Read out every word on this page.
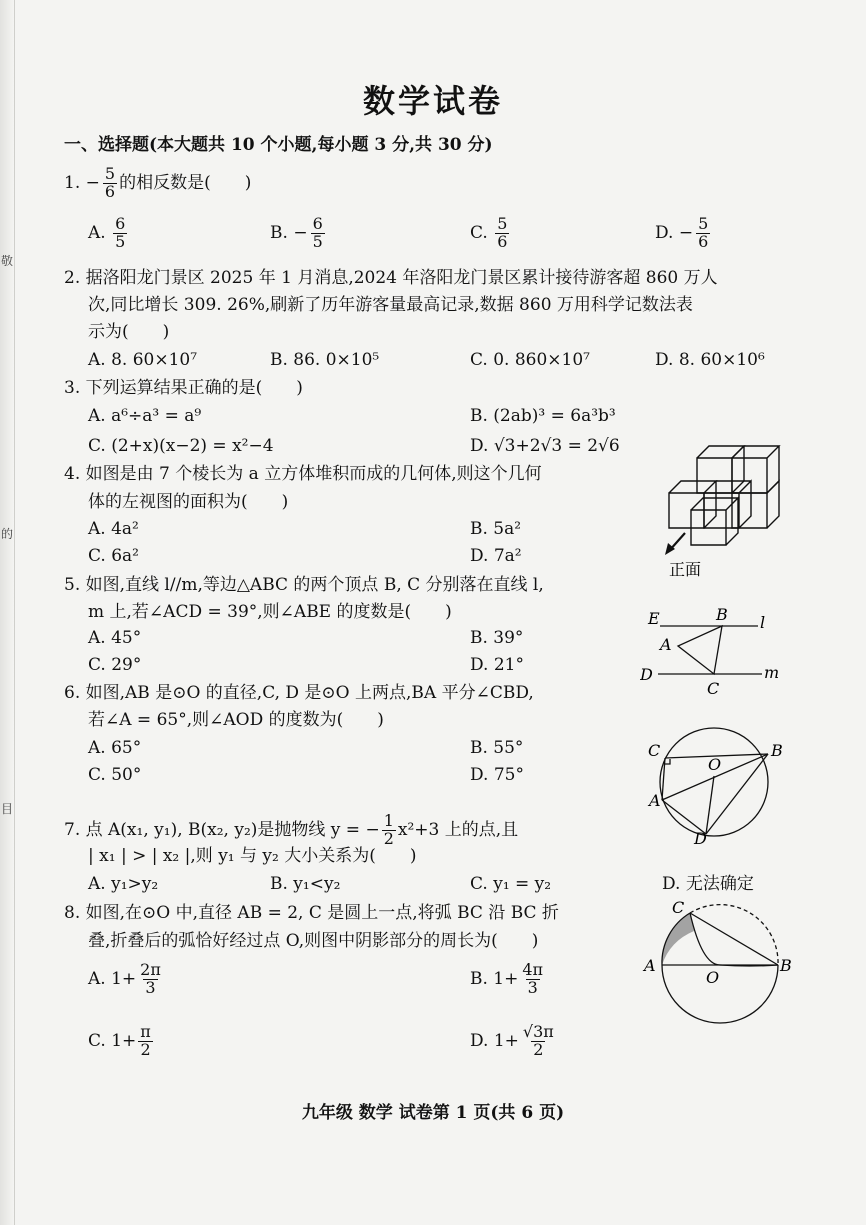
敬
的
目
数学试卷
一、选择题(本大题共 10 个小题,每小题 3 分,共 30 分)
1. − $\frac{5}{6}$ 的相反数是(　　)
A. $\frac{6}{5}$	B. − $\frac{6}{5}$	C. $\frac{5}{6}$	D. − $\frac{5}{6}$
2. 据洛阳龙门景区 2025 年 1 月消息,2024 年洛阳龙门景区累计接待游客超 860 万人
次,同比增长 309. 26%,刷新了历年游客量最高记录,数据 860 万用科学记数法表
示为(　　)
A. 8. 60×10⁷	B. 86. 0×10⁵	C. 0. 860×10⁷	D. 8. 60×10⁶
3. 下列运算结果正确的是(　　)
A. a⁶÷a³ = a⁹	B. (2ab)³ = 6a³b³
C. (2+x)(x−2) = x²−4	D. √3+2√3 = 2√6
4. 如图是由 7 个棱长为 a 立方体堆积而成的几何体,则这个几何
体的左视图的面积为(　　)
A. 4a²	B. 5a²
C. 6a²	D. 7a²
正面
5. 如图,直线 l//m,等边△ABC 的两个顶点 B, C 分别落在直线 l,
m 上,若∠ACD = 39°,则∠ABE 的度数是(　　)
A. 45°	B. 39°
C. 29°	D. 21°
E	B l
A
D
C
m
6. 如图,AB 是⊙O 的直径,C, D 是⊙O 上两点,BA 平分∠CBD,
若∠A = 65°,则∠AOD 的度数为(　　)
A. 65°	B. 55°
C. 50°	D. 75°
C	B
O
A
D
7. 点 A(x₁, y₁), B(x₂, y₂)是抛物线 y = − $\frac{1}{2} x^2+3$ 上的点,且
| x₁ | > | x₂ |,则 y₁ 与 y₂ 大小关系为(　　)
A. y₁>y₂	B. y₁<y₂	C. y₁ = y₂	D. 无法确定
8. 如图,在⊙O 中,直径 AB = 2, C 是圆上一点,将弧 BC 沿 BC 折
叠,折叠后的弧恰好经过点 O,则图中阴影部分的周长为(　　)
A. $1+ \frac{2\pi}{3}$	B. $1+ \frac{4\pi}{3}$
C. $1+ \frac{\pi}{2}$	D. $1+ \frac{√3\pi}{2}$
C
A
O
B
九年级 数学 试卷第 1 页(共 6 页)
